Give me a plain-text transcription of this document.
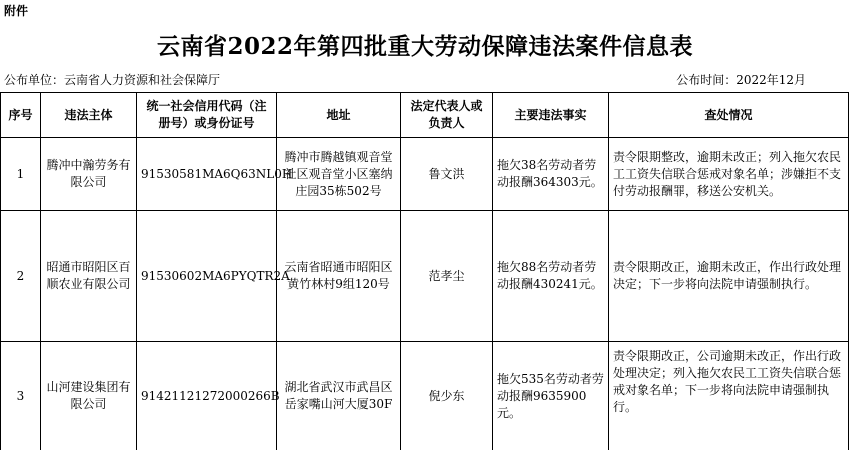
附件
云南省2022年第四批重大劳动保障违法案件信息表
公布单位：云南省人力资源和社会保障厅	公布时间：2022年12月
序号	违法主体	统一社会信用代码（注册号）或身份证号	地址	法定代表人或负责人	主要违法事实	查处情况
1	腾冲中瀚劳务有限公司	91530581MA6Q63NL0H	腾冲市腾越镇观音堂社区观音堂小区塞纳庄园35栋502号	鲁文洪	拖欠38名劳动者劳动报酬364303元。	责令限期整改，逾期未改正；列入拖欠农民工工资失信联合惩戒对象名单；涉嫌拒不支付劳动报酬罪，移送公安机关。
2	昭通市昭阳区百顺农业有限公司	91530602MA6PYQTR2A	云南省昭通市昭阳区黄竹林村9组120号	范孝尘	拖欠88名劳动者劳动报酬430241元。	责令限期改正，逾期未改正，作出行政处理决定；下一步将向法院申请强制执行。
3	山河建设集团有限公司	91421121272000266B	湖北省武汉市武昌区岳家嘴山河大厦30F	倪少东	拖欠535名劳动者劳动报酬9635900元。	责令限期改正，公司逾期未改正，作出行政处理决定；列入拖欠农民工工资失信联合惩戒对象名单；下一步将向法院申请强制执行。
